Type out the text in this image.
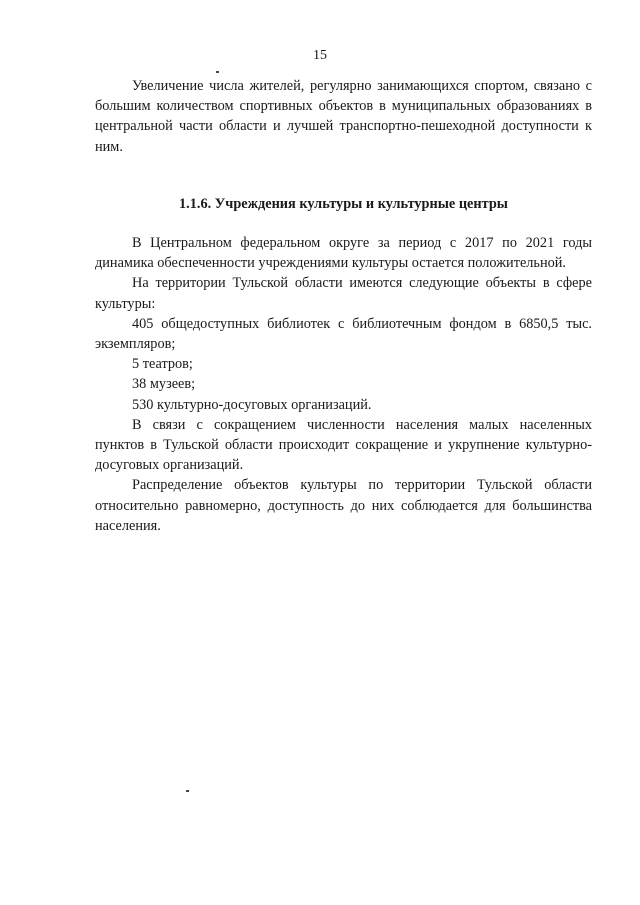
15

Увеличение числа жителей, регулярно занимающихся спортом, связано с большим количеством спортивных объектов в муниципальных образованиях в центральной части области и лучшей транспортно-пешеходной доступности к ним.

1.1.6. Учреждения культуры и культурные центры

В Центральном федеральном округе за период с 2017 по 2021 годы динамика обеспеченности учреждениями культуры остается положительной.

На территории Тульской области имеются следующие объекты в сфере культуры:

405 общедоступных библиотек с библиотечным фондом в 6850,5 тыс. экземпляров;

5 театров;

38 музеев;

530 культурно-досуговых организаций.

В связи с сокращением численности населения малых населенных пунктов в Тульской области происходит сокращение и укрупнение культурно-досуговых организаций.

Распределение объектов культуры по территории Тульской области относительно равномерно, доступность до них соблюдается для большинства населения.
